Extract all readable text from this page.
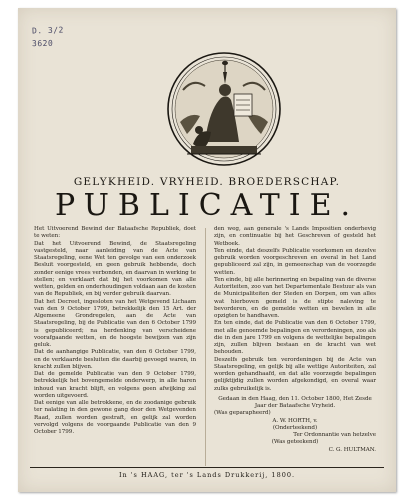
D. 3/2
3620
GELYKHEID. VRYHEID. BROEDERSCHAP.
PUBLICATIE.

Het Uitvoerend Bewind der Bataafsche Republiek, doet te weten:

Dat het Uitvoerend Bewind, de Staatsregeling vastgesteld, naar aanleiding van de Acte van Staatsregeling, eene Wet ten gevolge van een onderzoek Besluit voorgesteld, en geen gebruik hebbende, doch zonder eenige vrees verbonden, en daarvan in werking te stellen; en verklaart dat bij het voorkomen van alle wetten, gelden en onderhoudingen voldaan aan de kosten van de Republiek, en bij verder gebruik daarvan.

Dat het Decreet, ingesloten van het Wetgevend Lichaam van den 9 October 1799, betrekkelijk den 15 Art. der Algemeene Grondregelen, aan de Acte van Staatsregeling, bij de Publicatie van den 6 October 1799 is gepubliceerd; na herdenking van verscheidene voorafgaande wetten, en de hoogste bewijzen van zijn geluk.

Dat de aanhangige Publicatie, van den 6 October 1799, en de verklaarde besluiten die daarbij gevoegd waren, in kracht zullen blijven.

Dat de gemelde Publicatie van den 9 October 1799, betrekkelijk het bovengemelde onderwerp, in alle haren inhoud van kracht blijft, en volgens geen afwijking zal worden uitgevoerd.

Dat eenige van alle betrokkene, en de zoodanige gebruik ter nalating in den gewone gang door den Wetgevenden Raad, zullen worden gestraft, en gelijk zal worden vervolgd volgens de voorgaande Publicatie van den 9 October 1799.

den weg, aan generale 's Lands Impositien onderhevig zijn, en continuatie bij het Geschreven of gesteld het Wetboek.

Ten einde, dat deszelfs Publicatie voorkomen en dezelve gebruik worden voorgeschreven en overal in het Land gepubliceerd zal zijn, in gemeenschap van de voorzegde wetten.

Ten einde, bij alle herinnering en bepaling van de diverse Autoriteiten, zoo van het Departementale Bestuur als van de Municipaliteiten der Steden en Dorpen, om van alles wat hierboven gemeld is de stipte naleving te bevorderen, en de gemelde wetten en bevelen in alle opzigten te handhaven.

En ten einde, dat de Publicatie van den 6 October 1799, met alle genoemde bepalingen en verordeningen, zoo als die in den jare 1799 en volgens de wettelijke bepalingen zijn, zullen blijven bestaan en de kracht van wet behouden.

Deszelfs gebruik ten verordeningen bij de Acte van Staatsregeling, en gelijk bij alle wettige Autoriteiten, zal worden gehandhaafd, en dat alle voorzegde bepalingen gelijktijdig zullen worden afgekondigd, en overal waar zulks gebruikelijk is.

Gedaan in den Haag, den 11. October 1800, Het Zesde Jaar der Bataafsche Vryheid.

(Was geparapheerd)

A. W. HORTH, v.

(Onderteekend)

Ter Ordonnantie van hetzelve

(Was geteekend)

C. G. HULTMAN.

In 's HAAG, ter 's Lands Drukkerij, 1800.
